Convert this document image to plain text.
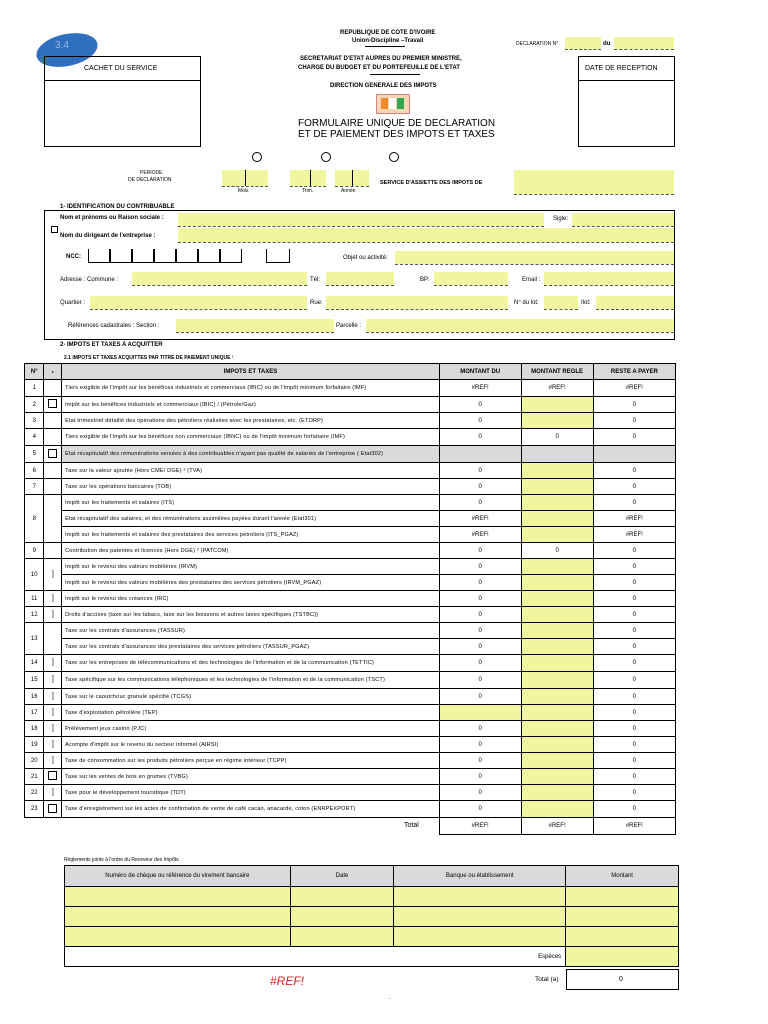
3.4
REPUBLIQUE DE COTE D'IVOIRE
Union-Discipline –Travail
SECRETARIAT D'ETAT AUPRES DU PREMIER MINISTRE,
CHARGE DU BUDGET ET DU PORTEFEUILLE DE L'ETAT
DIRECTION GENERALE DES IMPOTS
FORMULAIRE UNIQUE DE DECLARATION
ET DE PAIEMENT DES IMPOTS ET TAXES
DECLARATION N°	du
CACHET DU SERVICE	DATE DE RECEPTION
PERIODE
DE DECLARATION
Mois	Trim.	Année
SERVICE D'ASSIETTE DES IMPOTS DE
1- IDENTIFICATION DU CONTRIBUABLE
Nom et prénoms ou Raison sociale :	Sigle:
Nom du dirigeant de l'entreprise :
NCC:	Objet ou activité:
Adresse : Commune :	Tél:	BP:	Email :
Quartier :	Rue:	N° du lot:	Ilot:
Références cadastrales : Section :	Parcelle :
2- IMPOTS ET TAXES A ACQUITTER
2.1 IMPOTS ET TAXES ACQUITTES PAR TITRE DE PAIEMENT UNIQUE ¹
N°	c	IMPOTS ET TAXES	MONTANT DU	MONTANT REGLE	RESTE A PAYER
1		Tiers exigible de l'impôt sur les bénéfices industriels et commerciaux (IBIC) ou de l'impôt minimum forfaitaire (IMF)	#REF!	#REF!	#REF!
2		Impôt sur les bénéfices industriels et commerciaux (IBIC) / (Pétrole/Gaz)	0		0
3		Etat trimestriel détaillé des opérations des pétroliers réalisées avec les prestataires, etc. (ETORP)	0		0
4		Tiers exigible de l'impôt sur les bénéfices non commerciaux (IBNC) ou de l'impôt minimum forfaitaire (IMF)	0	0	0
5		Etat récapitulatif des rémunérations versées à des contribuables n'ayant pas qualité de salariés de l'entreprise ( Etat302)			
6		Taxe sur la valeur ajoutée (Hors CME/ DGE) ² (TVA)	0		0
7		Taxe sur les opérations bancaires (TOB)	0		0
8		Impôt sur les traitements et salaires (ITS)	0		0
		Etat récapitulatif des salaires, et des rémunérations assimilées payées durant l'année (Etat301)	#REF!		#REF!
		Impôt sur les traitements et salaires des prestataires des services pétroliers (ITS_PGAZ)	#REF!		#REF!
9		Contribution des patentes et licences (Hors DGE) ² (PATCOM)	0	0	0
10	]	Impôt sur le revenu des valeurs mobilières (IRVM)	0		0
		Impôt sur le revenu des valeurs mobilières des prestataires des services pétroliers (IRVM_PGAZ)	0		0
11	]	Impôt sur le revenu des créances (IRC)	0		0
12	]	Droits d'accises (taxe sur les tabacs, taxe sur les boissons et autres taxes spécifiques (TSTBC))	0		0
13		Taxe sur les contrats d'assurances (TASSUR)	0		0
		Taxe sur les contrats d'assurances des prestataires des services pétroliers (TASSUR_PGAZ)	0		0
14	]	Taxe sur les entreprises de télécommunications et des technologies de l'information et de la communication (TETTIC)	0		0
15	]	Taxe spécifique sur les communications téléphoniques et les technologies de l'information et de la communication (TSCT)	0		0
16	]	Taxe sur le caoutchouc granulé spécifié (TCGS)	0		0
17	]	Taxe d'exploitation pétrolière (TEP)			0
18	]	Prélèvement jeux casino (PJC)	0		0
19	]	Acompte d'impôt sur le revenu du secteur informel (AIRSI)	0		0
20	]	Taxe de consommation sur les produits pétroliers perçue en régime intérieur (TCPP)	0		0
21		Taxe sur les ventes de bois en grumes (TVBG)	0		0
22	]	Taxe pour le développement touristique (TDT)	0		0
23		Taxe d'enregistrement sur les actes de confirmation de vente de café cacao, anacarde, coton (ENRPEXPORT)	0		0
		Total	#REF!	#REF!	#REF!
Règlements joints à l'ordre du Receveur des Impôts
Numéro de chèque ou référence du virement bancaire	Date	Banque ou établissement	Montant

Espèces			
Total (a)	0
#REF!
.
